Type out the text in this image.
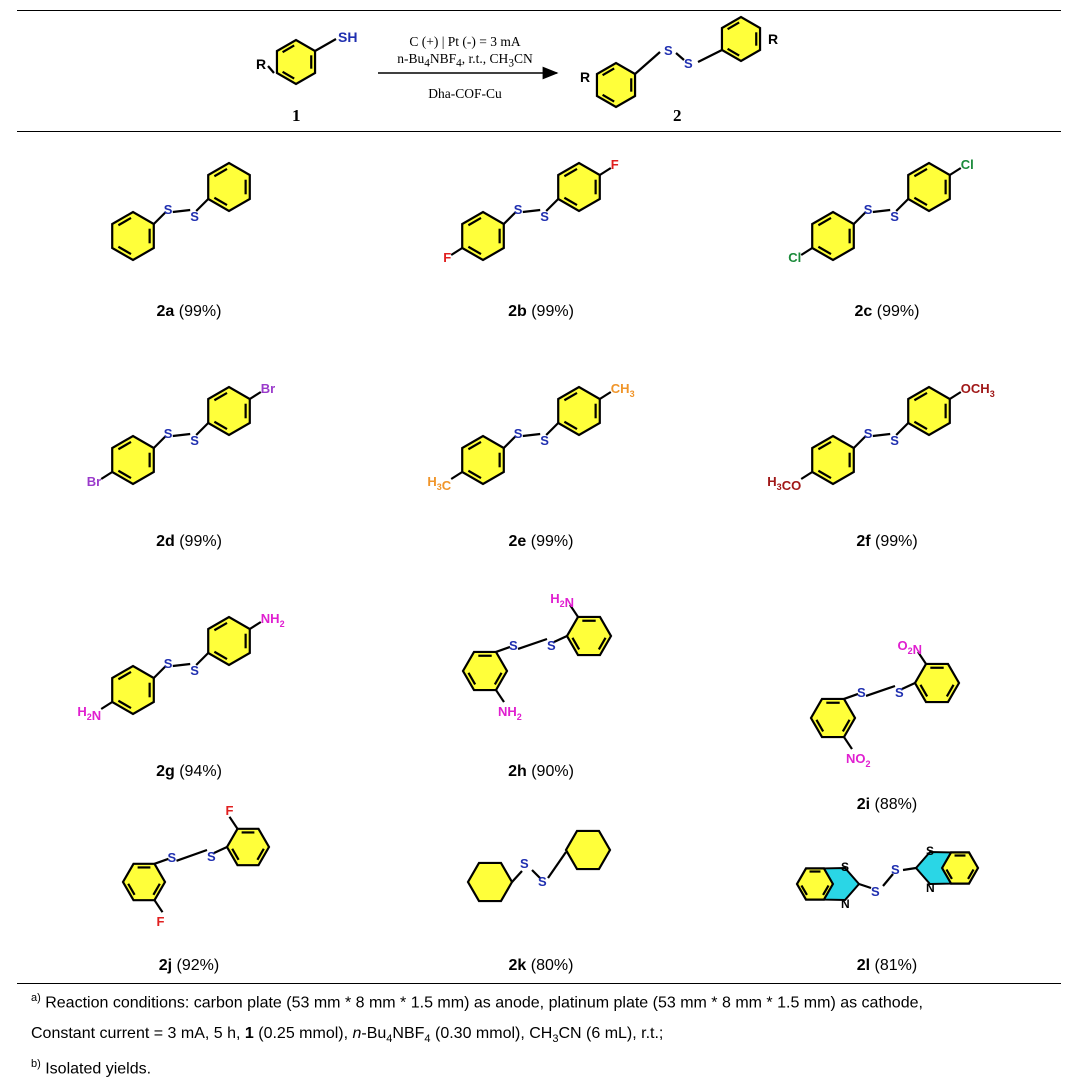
C (+) | Pt (-) = 3 mA
$n-Bu_4NBF_4$, r.t., $CH_3CN$
Dha-COF-Cu
1	2
S S	S S
F
F
S S
Cl
Cl
S S
Br
Br
S S
$CH_3$
$H_3C$
S S
$OCH_3$
$H_3CO$
S S
$NH_2$
$H_2N$
S S
$H_2N$
$NH_2$
S S
$O_2N$
$NO_2$
S S
F
F
S
S
S
N
S
N
S
S
R
SH
R
R
S
S
2a (99%)	2b (99%)	2c (99%)
2d (99%)	2e (99%)	2f (99%)
2g (94%)	2h (90%)
2i (88%)
2j (92%)	2k (80%)	2l (81%)
$^{a)}$ Reaction conditions: carbon plate (53 mm * 8 mm * 1.5 mm) as anode, platinum plate (53 mm * 8 mm * 1.5 mm) as cathode,
Constant current = 3 mA, 5 h, 1 (0.25 mmol), $n-Bu_4NBF_4$ (0.30 mmol), $CH_3CN$ (6 mL), r.t.;
$^{b)}$ Isolated yields.
